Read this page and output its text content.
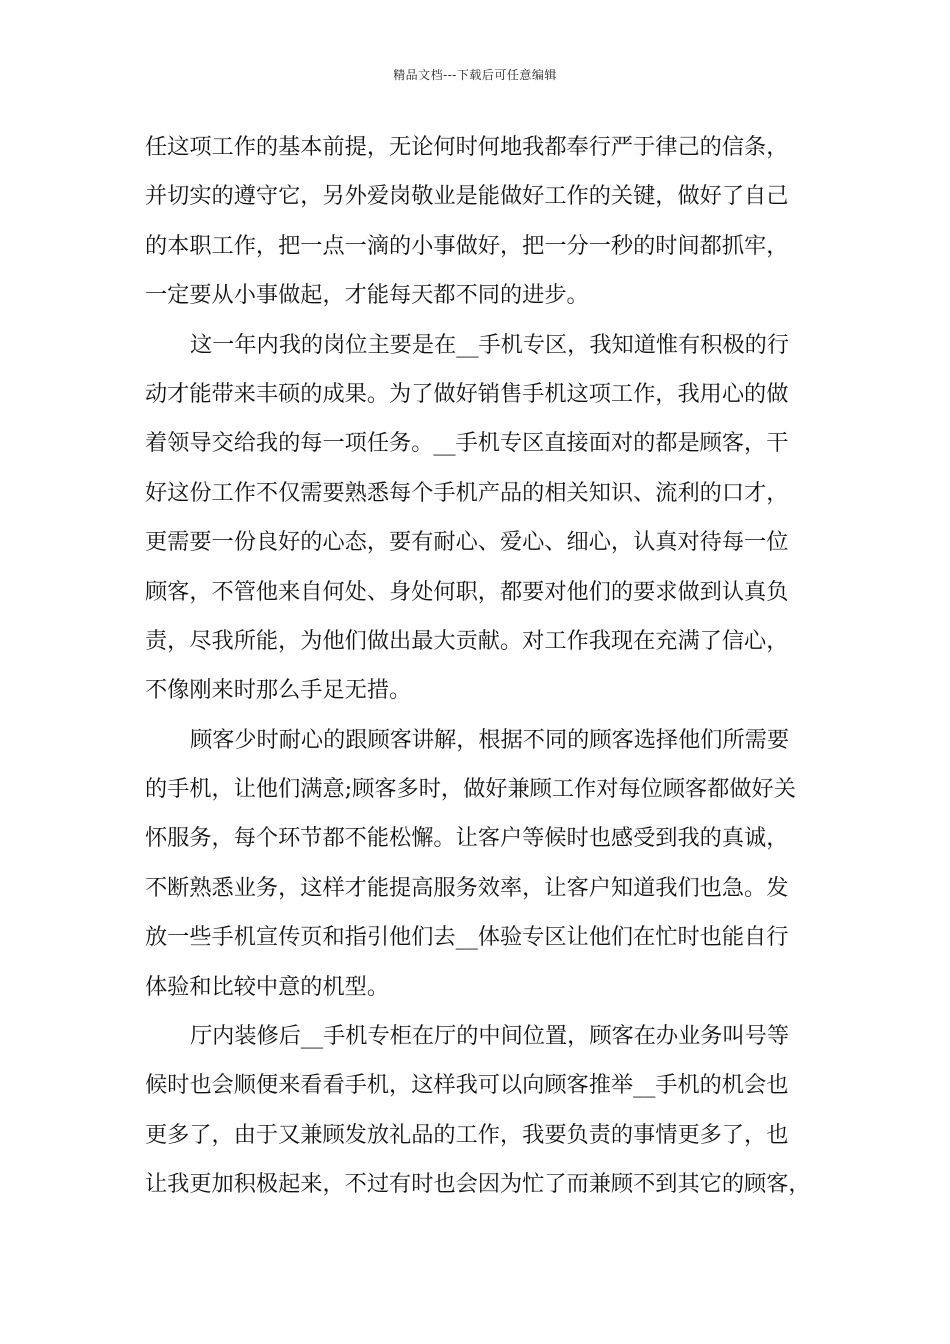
精品文档---下载后可任意编辑
任这项工作的基本前提，无论何时何地我都奉行严于律己的信条，
并切实的遵守它，另外爱岗敬业是能做好工作的关键，做好了自己
的本职工作，把一点一滴的小事做好，把一分一秒的时间都抓牢，
一定要从小事做起，才能每天都不同的进步。
这一年内我的岗位主要是在__手机专区，我知道惟有积极的行
动才能带来丰硕的成果。为了做好销售手机这项工作，我用心的做
着领导交给我的每一项任务。__手机专区直接面对的都是顾客，干
好这份工作不仅需要熟悉每个手机产品的相关知识、流利的口才，
更需要一份良好的心态，要有耐心、爱心、细心，认真对待每一位
顾客，不管他来自何处、身处何职，都要对他们的要求做到认真负
责，尽我所能，为他们做出最大贡献。对工作我现在充满了信心，
不像刚来时那么手足无措。
顾客少时耐心的跟顾客讲解，根据不同的顾客选择他们所需要
的手机，让他们满意;顾客多时，做好兼顾工作对每位顾客都做好关
怀服务，每个环节都不能松懈。让客户等候时也感受到我的真诚，
不断熟悉业务，这样才能提高服务效率，让客户知道我们也急。发
放一些手机宣传页和指引他们去__体验专区让他们在忙时也能自行
体验和比较中意的机型。
厅内装修后__手机专柜在厅的中间位置，顾客在办业务叫号等
候时也会顺便来看看手机，这样我可以向顾客推举__手机的机会也
更多了，由于又兼顾发放礼品的工作，我要负责的事情更多了，也
让我更加积极起来，不过有时也会因为忙了而兼顾不到其它的顾客，
